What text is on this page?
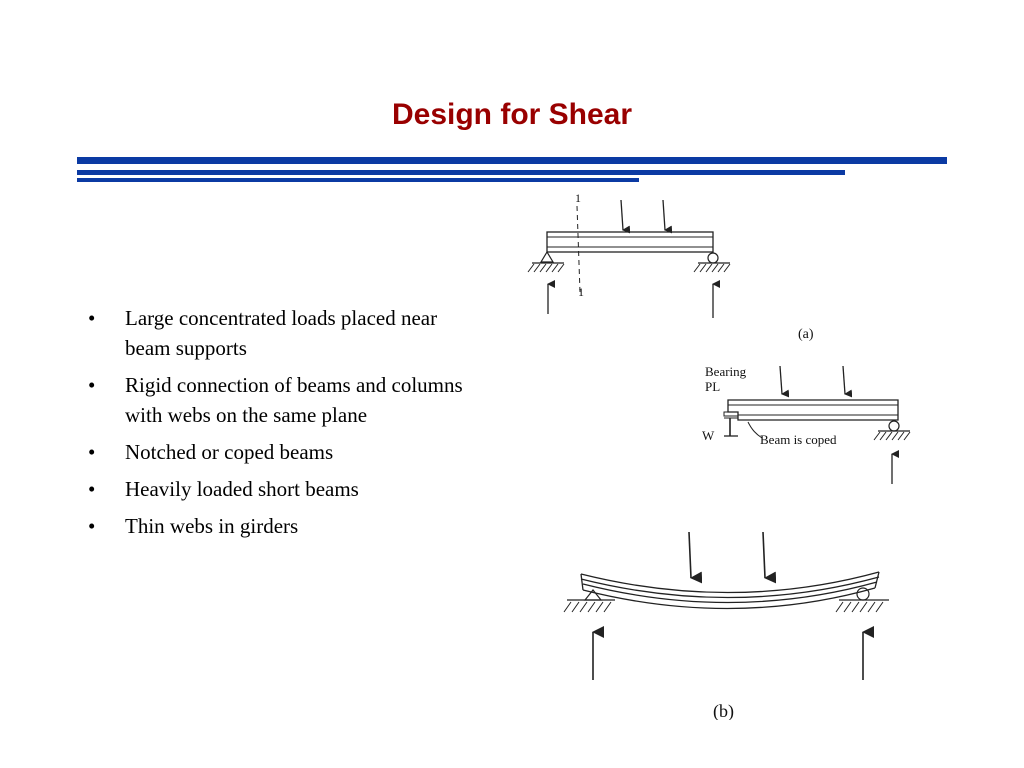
Design for Shear
• Large concentrated loads placed near beam supports
• Rigid connection of beams and columns with webs on the same plane
• Notched or coped beams
• Heavily loaded short beams
• Thin webs in girders
1
1
(a)
Bearing PL
W	Beam is coped
(b)
